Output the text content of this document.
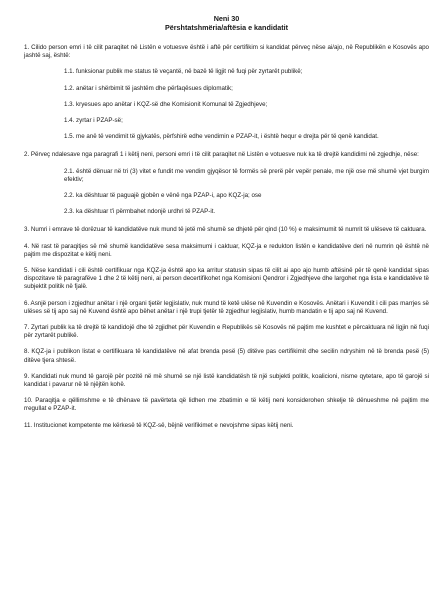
Neni 30
Përshtatshmëria/aftësia e kandidatit

1. Cilido person emri i të cilit paraqitet në Listën e votuesve është i aftë për certifikim si kandidat përveç nëse ai/ajo, në Republikën e Kosovës apo jashtë saj, është:

1.1. funksionar publik me status të veçantë, në bazë të ligjit në fuqi për zyrtarët publikë;

1.2. anëtar i shërbimit të jashtëm dhe përfaqësues diplomatik;

1.3. kryesues apo anëtar i KQZ-së dhe Komisionit Komunal të Zgjedhjeve;

1.4. zyrtar i PZAP-së;

1.5. me anë të vendimit të gjykatës, përfshirë edhe vendimin e PZAP-it, i është hequr e drejta për të qenë kandidat.

2. Përveç ndalesave nga paragrafi 1 i këtij neni, personi emri i të cilit paraqitet në Listën e votuesve nuk ka të drejtë kandidimi në zgjedhje, nëse:

2.1. është dënuar në tri (3) vitet e fundit me vendim gjyqësor të formës së prerë për vepër penale, me një ose më shumë vjet burgim efektiv;

2.2. ka dështuar të paguajë gjobën e vënë nga PZAP-i, apo KQZ-ja; ose

2.3. ka dështuar t'i përmbahet ndonjë urdhri të PZAP-it.

3. Numri i emrave të dorëzuar të kandidatëve nuk mund të jetë më shumë se dhjetë për qind (10 %) e maksimumit të numrit të ulëseve të caktuara.

4. Në rast të paraqitjes së më shumë kandidatëve sesa maksimumi i caktuar, KQZ-ja e redukton listën e kandidatëve deri në numrin që është në pajtim me dispozitat e këtij neni.

5. Nëse kandidati i cili është certifikuar nga KQZ-ja është apo ka arritur statusin sipas të cilit ai apo ajo humb aftësinë për të qenë kandidat sipas dispozitave të paragrafëve 1 dhe 2 të këtij neni, ai person decertifikohet nga Komisioni Qendror i Zgjedhjeve dhe largohet nga lista e kandidatëve të subjektit politik në fjalë.

6. Asnjë person i zgjedhur anëtar i një organi tjetër legjislativ, nuk mund të ketë ulëse në Kuvendin e Kosovës. Anëtari i Kuvendit i cili pas marrjes së ulëses së tij apo saj në Kuvend është apo bëhet anëtar i një trupi tjetër të zgjedhur legjislativ, humb mandatin e tij apo saj në Kuvend.

7. Zyrtari publik ka të drejtë të kandidojë dhe të zgjidhet për Kuvendin e Republikës së Kosovës në pajtim me kushtet e përcaktuara në ligjin në fuqi për zyrtarët publikë.

8. KQZ-ja i publikon listat e certifikuara të kandidatëve në afat brenda pesë (5) ditëve pas certifikimit dhe secilin ndryshim në të brenda pesë (5) ditëve tjera shtesë.

9. Kandidati nuk mund të garojë për pozitë në më shumë se një listë kandidatësh të një subjekti politik, koalicioni, nisme qytetare, apo të garojë si kandidat i pavarur në të njëjtën kohë.

10. Paraqitja e qëllimshme e të dhënave të pavërteta që lidhen me zbatimin e të këtij neni konsiderohen shkelje të dënueshme në pajtim me rregullat e PZAP-it.

11. Institucionet kompetente me kërkesë të KQZ-së, bëjnë verifikimet e nevojshme sipas këtij neni.
